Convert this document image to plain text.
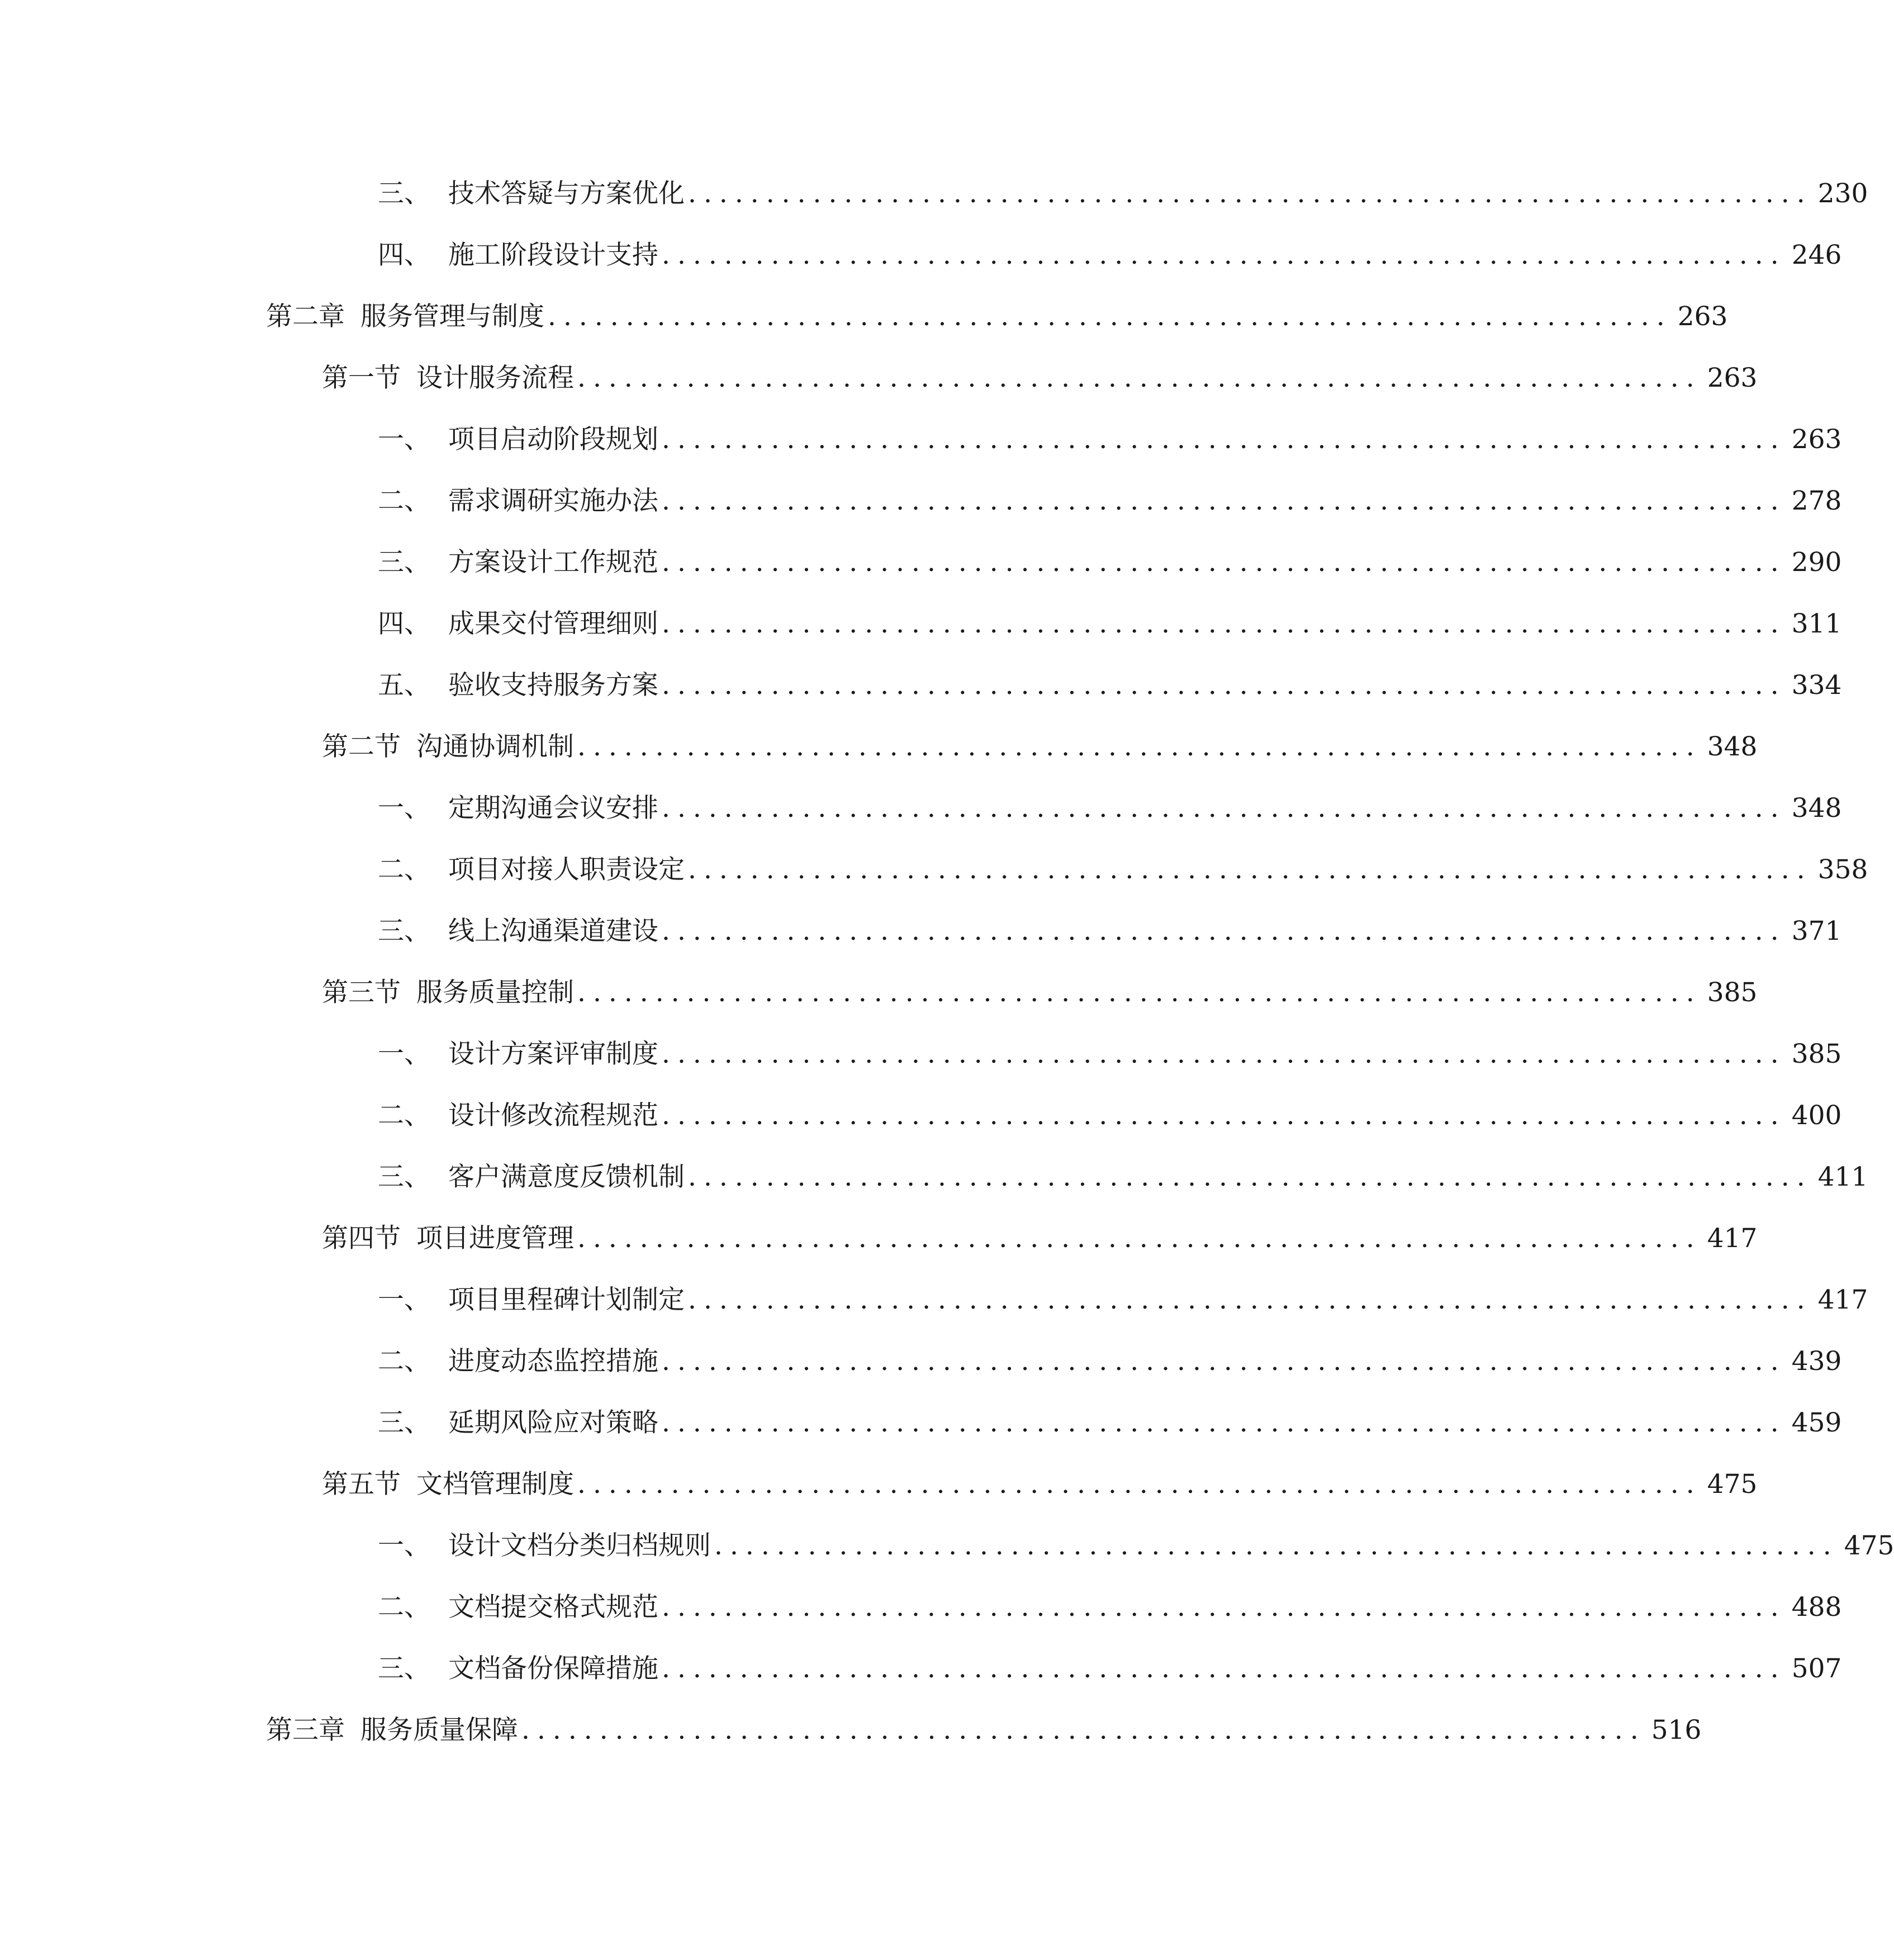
三、 技术答疑与方案优化 ........................................................................ 230
四、 施工阶段设计支持 ........................................................................ 246
第二章 服务管理与制度 ........................................................................ 263
第一节 设计服务流程 ........................................................................ 263
一、 项目启动阶段规划 ........................................................................ 263
二、 需求调研实施办法 ........................................................................ 278
三、 方案设计工作规范 ........................................................................ 290
四、 成果交付管理细则 ........................................................................ 311
五、 验收支持服务方案 ........................................................................ 334
第二节 沟通协调机制 ........................................................................ 348
一、 定期沟通会议安排 ........................................................................ 348
二、 项目对接人职责设定 ........................................................................ 358
三、 线上沟通渠道建设 ........................................................................ 371
第三节 服务质量控制 ........................................................................ 385
一、 设计方案评审制度 ........................................................................ 385
二、 设计修改流程规范 ........................................................................ 400
三、 客户满意度反馈机制 ........................................................................ 411
第四节 项目进度管理 ........................................................................ 417
一、 项目里程碑计划制定 ........................................................................ 417
二、 进度动态监控措施 ........................................................................ 439
三、 延期风险应对策略 ........................................................................ 459
第五节 文档管理制度 ........................................................................ 475
一、 设计文档分类归档规则 ........................................................................ 475
二、 文档提交格式规范 ........................................................................ 488
三、 文档备份保障措施 ........................................................................ 507
第三章 服务质量保障 ........................................................................ 516
